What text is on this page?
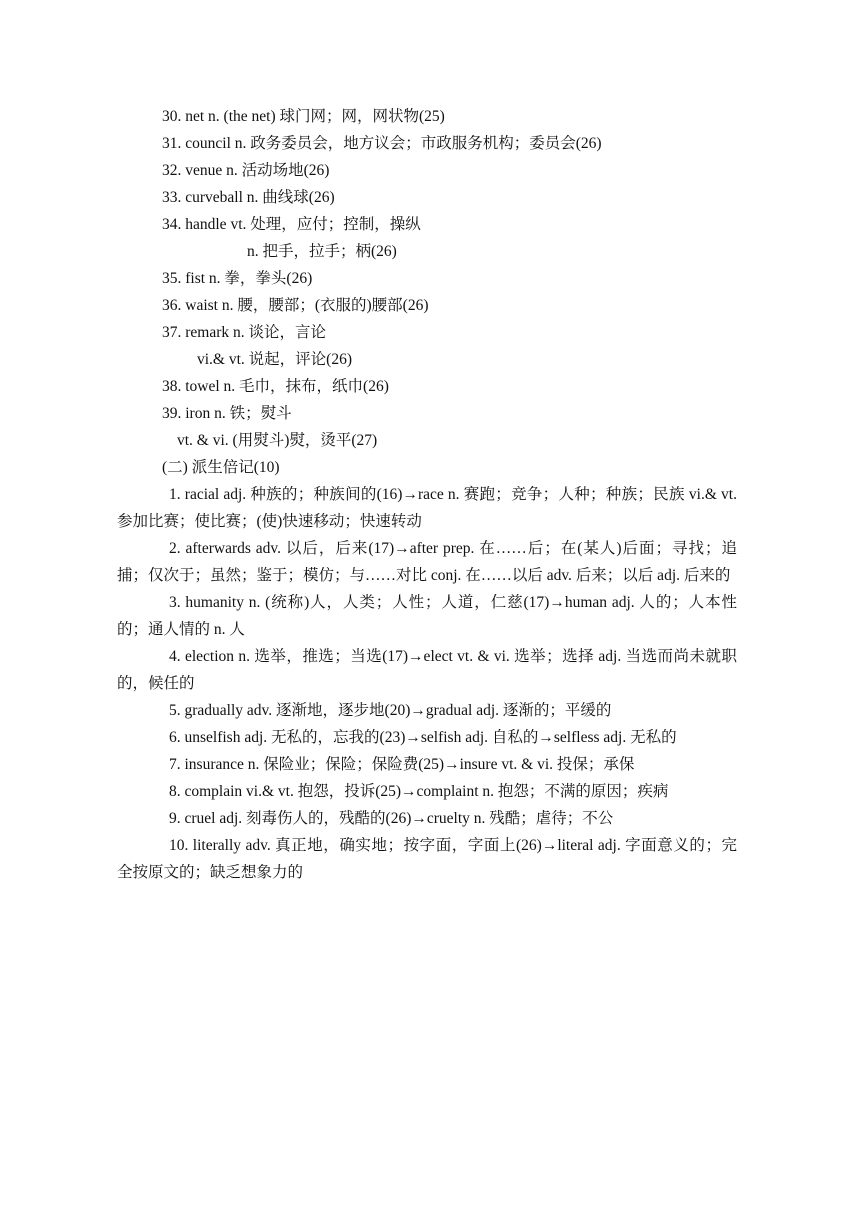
30. net n. (the net) 球门网；网，网状物(25)
31. council n. 政务委员会，地方议会；市政服务机构；委员会(26)
32. venue n. 活动场地(26)
33. curveball n. 曲线球(26)
34. handle vt. 处理，应付；控制，操纵
n. 把手，拉手；柄(26)
35. fist n. 拳，拳头(26)
36. waist n. 腰，腰部；(衣服的)腰部(26)
37. remark n. 谈论，言论
vi.& vt. 说起，评论(26)
38. towel n. 毛巾，抹布，纸巾(26)
39. iron n. 铁；熨斗
vt. & vi. (用熨斗)熨，烫平(27)
(二) 派生倍记(10)
1. racial adj. 种族的；种族间的(16)→race n. 赛跑；竞争；人种；种族；民族 vi.& vt. 参加比赛；使比赛；(使)快速移动；快速转动
2. afterwards adv. 以后，后来(17)→after prep. 在……后；在(某人)后面；寻找；追捕；仅次于；虽然；鉴于；模仿；与……对比 conj. 在……以后 adv. 后来；以后 adj. 后来的
3. humanity n. (统称)人，人类；人性；人道，仁慈(17)→human adj. 人的；人本性的；通人情的 n. 人
4. election n. 选举，推选；当选(17)→elect vt. & vi. 选举；选择 adj. 当选而尚未就职的，候任的
5. gradually adv. 逐渐地，逐步地(20)→gradual adj. 逐渐的；平缓的
6. unselfish adj. 无私的，忘我的(23)→selfish adj. 自私的→selfless adj. 无私的
7. insurance n. 保险业；保险；保险费(25)→insure vt. & vi. 投保；承保
8. complain vi.& vt. 抱怨，投诉(25)→complaint n. 抱怨；不满的原因；疾病
9. cruel adj. 刻毒伤人的，残酷的(26)→cruelty n. 残酷；虐待；不公
10. literally adv. 真正地，确实地；按字面，字面上(26)→literal adj. 字面意义的；完全按原文的；缺乏想象力的
